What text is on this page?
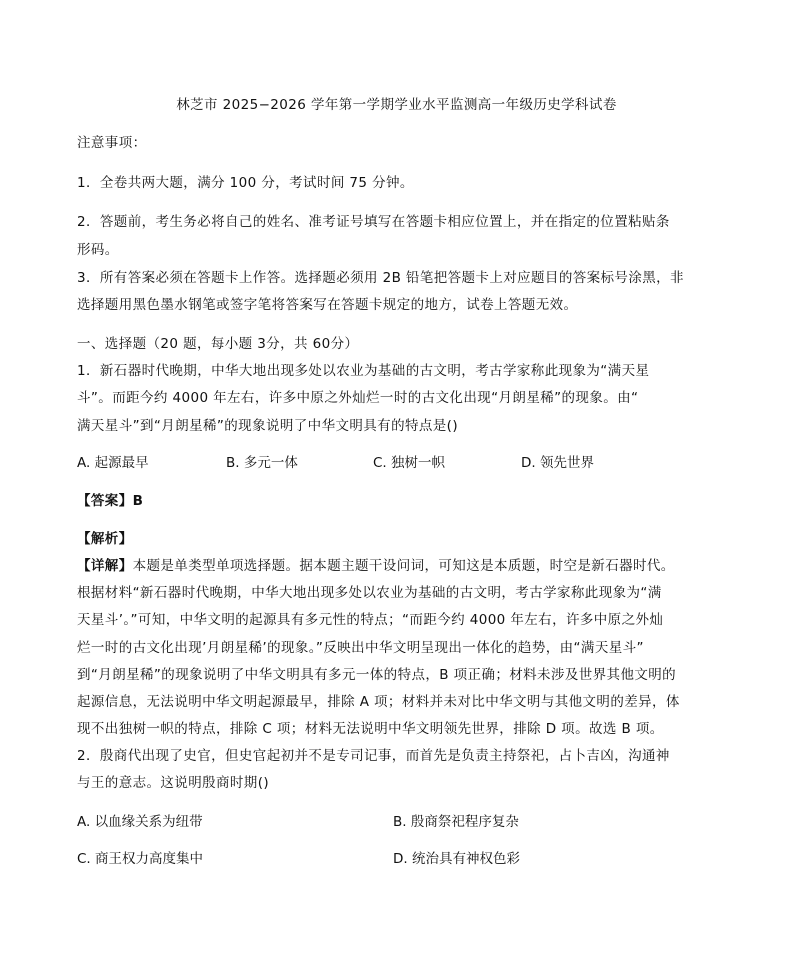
林芝市 2025−2026 学年第一学期学业水平监测高一年级历史学科试卷
注意事项：
1．全卷共两大题，满分 100 分，考试时间 75 分钟。
2．答题前，考生务必将自己的姓名、准考证号填写在答题卡相应位置上，并在指定的位置粘贴条
形码。
3．所有答案必须在答题卡上作答。选择题必须用 2B 铅笔把答题卡上对应题目的答案标号涂黑，非
选择题用黑色墨水钢笔或签字笔将答案写在答题卡规定的地方，试卷上答题无效。
一、选择题（20 题，每小题 3分，共 60分）
1．新石器时代晚期，中华大地出现多处以农业为基础的古文明，考古学家称此现象为“满天星
斗”。而距今约 4000 年左右，许多中原之外灿烂一时的古文化出现“月朗星稀”的现象。由“
满天星斗”到“月朗星稀”的现象说明了中华文明具有的特点是()
A. 起源最早	B. 多元一体	C. 独树一帜	D. 领先世界
【答案】B
【解析】
【详解】本题是单类型单项选择题。据本题主题干设问词，可知这是本质题，时空是新石器时代。
根据材料“新石器时代晚期，中华大地出现多处以农业为基础的古文明，考古学家称此现象为“满
天星斗’。”可知，中华文明的起源具有多元性的特点；“而距今约 4000 年左右，许多中原之外灿
烂一时的古文化出现’月朗星稀’的现象。”反映出中华文明呈现出一体化的趋势，由“满天星斗”
到“月朗星稀”的现象说明了中华文明具有多元一体的特点，B 项正确；材料未涉及世界其他文明的
起源信息，无法说明中华文明起源最早，排除 A 项；材料并未对比中华文明与其他文明的差异，体
现不出独树一帜的特点，排除 C 项；材料无法说明中华文明领先世界，排除 D 项。故选 B 项。
2．殷商代出现了史官，但史官起初并不是专司记事，而首先是负责主持祭祀，占卜吉凶，沟通神
与王的意志。这说明殷商时期()
A. 以血缘关系为纽带	B. 殷商祭祀程序复杂
C. 商王权力高度集中	D. 统治具有神权色彩
